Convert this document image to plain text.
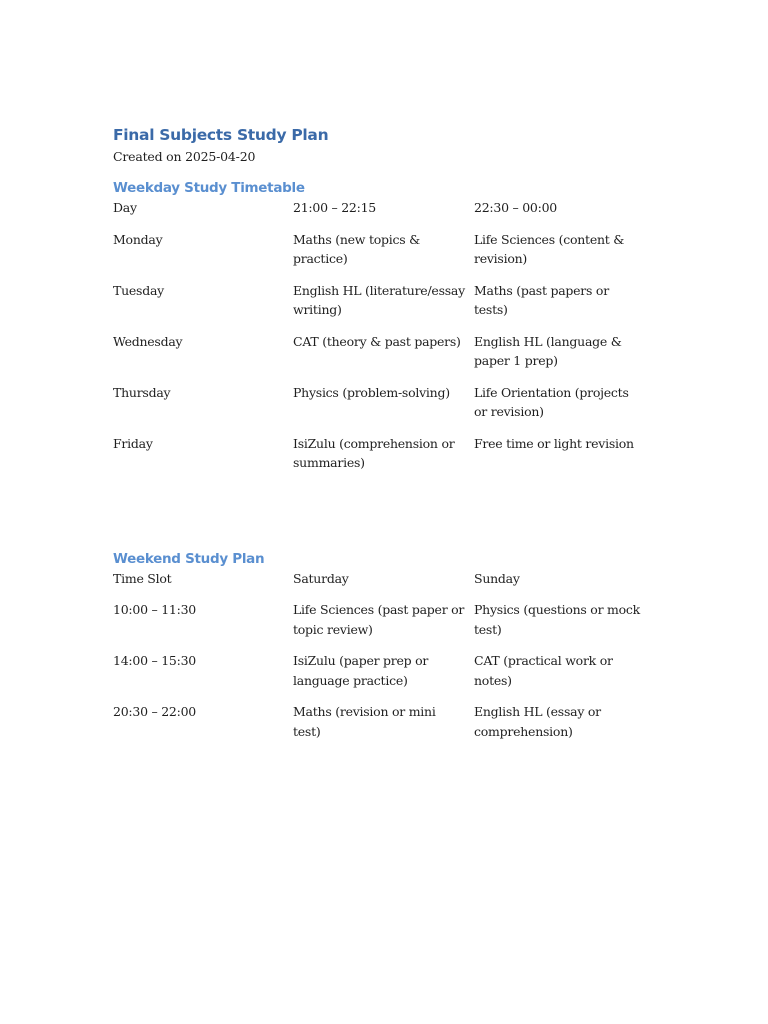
Final Subjects Study Plan

Created on 2025-04-20

Weekday Study Timetable
Day	21:00 – 22:15	22:30 – 00:00
Monday	Maths (new topics & practice)	Life Sciences (content & revision)
Tuesday	English HL (literature/essay writing)	Maths (past papers or tests)
Wednesday	CAT (theory & past papers)	English HL (language & paper 1 prep)
Thursday	Physics (problem-solving)	Life Orientation (projects or revision)
Friday	IsiZulu (comprehension or summaries)	Free time or light revision
Weekend Study Plan
Time Slot	Saturday	Sunday
10:00 – 11:30	Life Sciences (past paper or topic review)	Physics (questions or mock test)
14:00 – 15:30	IsiZulu (paper prep or language practice)	CAT (practical work or notes)
20:30 – 22:00	Maths (revision or mini test)	English HL (essay or comprehension)
